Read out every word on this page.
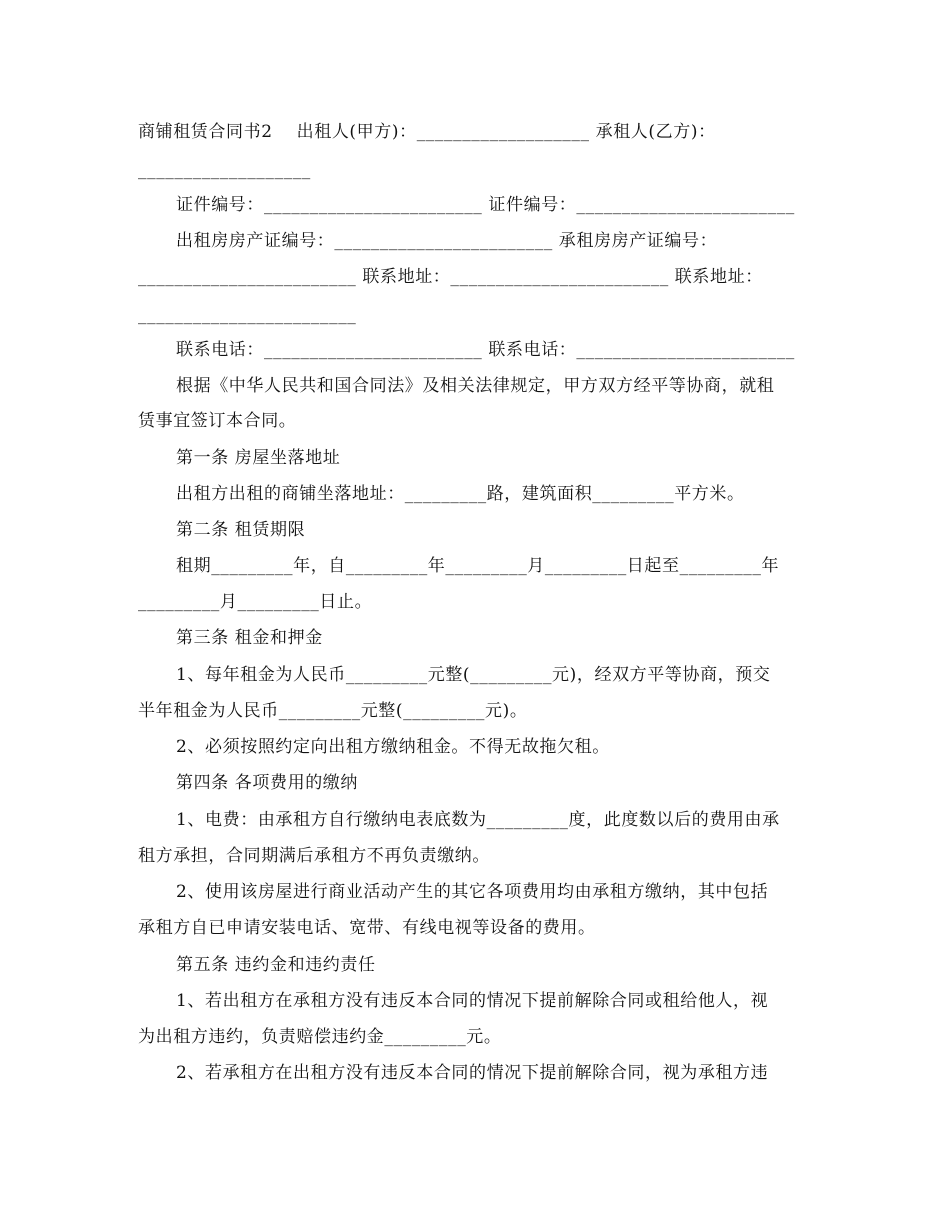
商铺租赁合同书2    出租人(甲方)：___________________ 承租人(乙方)：
___________________
证件编号：________________________ 证件编号：________________________
出租房房产证编号：________________________ 承租房房产证编号：
________________________ 联系地址：________________________ 联系地址：
________________________
联系电话：________________________ 联系电话：________________________
根据《中华人民共和国合同法》及相关法律规定，甲方双方经平等协商，就租
赁事宜签订本合同。
第一条 房屋坐落地址
出租方出租的商铺坐落地址：_________路，建筑面积_________平方米。
第二条 租赁期限
租期_________年，自_________年_________月_________日起至_________年
_________月_________日止。
第三条 租金和押金
1、每年租金为人民币_________元整(_________元)，经双方平等协商，预交
半年租金为人民币_________元整(_________元)。
2、必须按照约定向出租方缴纳租金。不得无故拖欠租。
第四条 各项费用的缴纳
1、电费：由承租方自行缴纳电表底数为_________度，此度数以后的费用由承
租方承担，合同期满后承租方不再负责缴纳。
2、使用该房屋进行商业活动产生的其它各项费用均由承租方缴纳，其中包括
承租方自已申请安装电话、宽带、有线电视等设备的费用。
第五条 违约金和违约责任
1、若出租方在承租方没有违反本合同的情况下提前解除合同或租给他人，视
为出租方违约，负责赔偿违约金_________元。
2、若承租方在出租方没有违反本合同的情况下提前解除合同，视为承租方违
